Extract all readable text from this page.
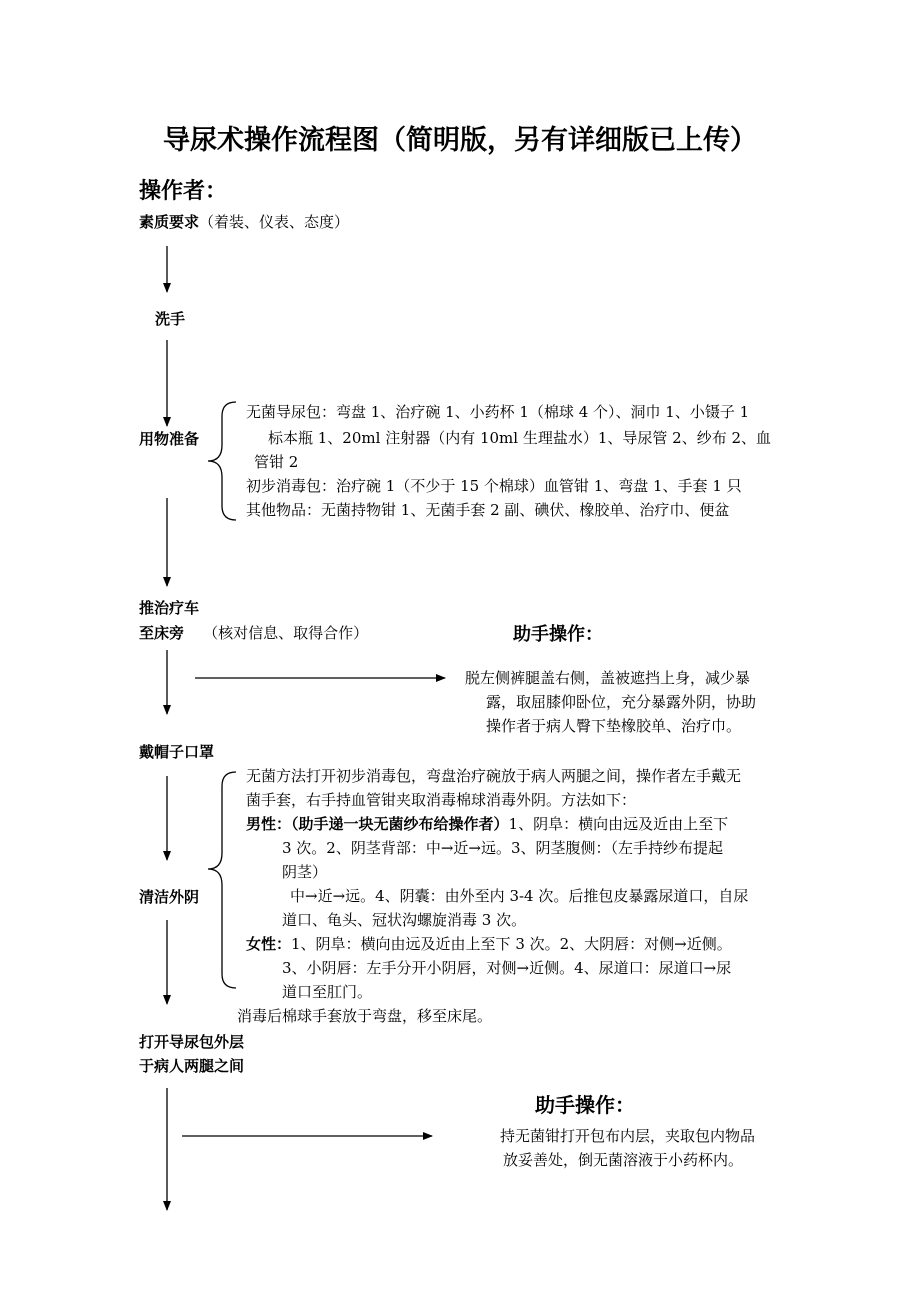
导尿术操作流程图（简明版，另有详细版已上传）
操作者：
素质要求（着装、仪表、态度）
洗手
用物准备
无菌导尿包：弯盘 1、治疗碗 1、小药杯 1（棉球 4 个）、洞巾 1、小镊子 1
标本瓶 1、20ml 注射器（内有 10ml 生理盐水）1、导尿管 2、纱布 2、血
管钳 2
初步消毒包：治疗碗 1（不少于 15 个棉球）血管钳 1、弯盘 1、手套 1 只
其他物品：无菌持物钳 1、无菌手套 2 副、碘伏、橡胶单、治疗巾、便盆
推治疗车
至床旁 （核对信息、取得合作）	助手操作：
脱左侧裤腿盖右侧，盖被遮挡上身，减少暴
露，取屈膝仰卧位，充分暴露外阴，协助
操作者于病人臀下垫橡胶单、治疗巾。
戴帽子口罩
无菌方法打开初步消毒包，弯盘治疗碗放于病人两腿之间，操作者左手戴无
菌手套，右手持血管钳夹取消毒棉球消毒外阴。方法如下：
男性：（助手递一块无菌纱布给操作者）1、阴阜：横向由远及近由上至下
3 次。2、阴茎背部：中→近→远。3、阴茎腹侧：（左手持纱布提起
阴茎）
清洁外阴	中→近→远。4、阴囊：由外至内 3-4 次。后推包皮暴露尿道口，自尿
道口、龟头、冠状沟螺旋消毒 3 次。
女性：1、阴阜：横向由远及近由上至下 3 次。2、大阴唇：对侧→近侧。
3、小阴唇：左手分开小阴唇，对侧→近侧。4、尿道口：尿道口→尿
道口至肛门。
消毒后棉球手套放于弯盘，移至床尾。
打开导尿包外层
于病人两腿之间
助手操作：
持无菌钳打开包布内层，夹取包内物品
放妥善处，倒无菌溶液于小药杯内。
